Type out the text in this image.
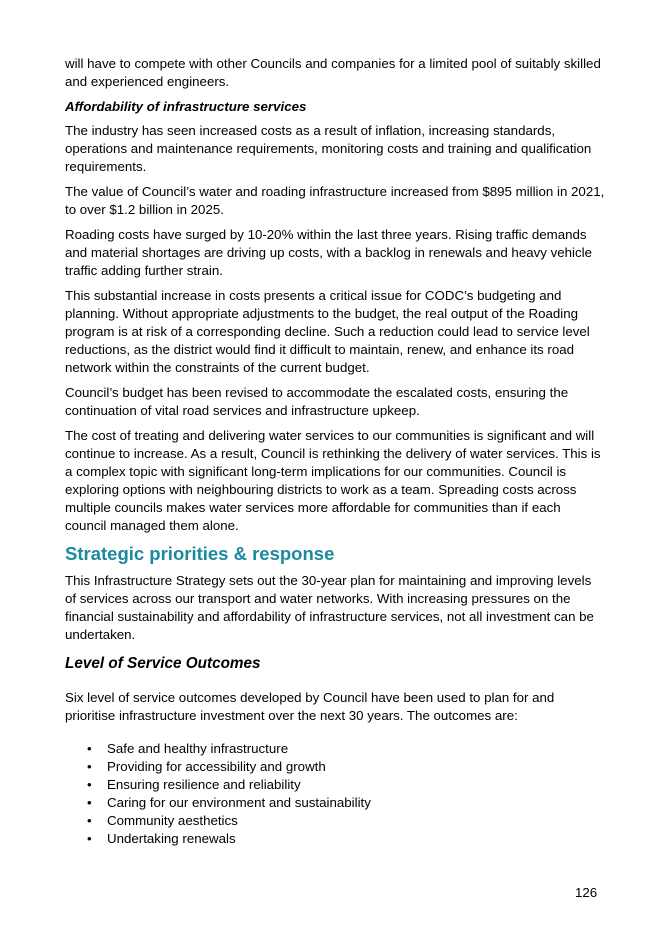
will have to compete with other Councils and companies for a limited pool of suitably skilled and experienced engineers.

Affordability of infrastructure services

The industry has seen increased costs as a result of inflation, increasing standards, operations and maintenance requirements, monitoring costs and training and qualification requirements.

The value of Council’s water and roading infrastructure increased from $895 million in 2021, to over $1.2 billion in 2025.

Roading costs have surged by 10-20% within the last three years. Rising traffic demands and material shortages are driving up costs, with a backlog in renewals and heavy vehicle traffic adding further strain.

This substantial increase in costs presents a critical issue for CODC’s budgeting and planning. Without appropriate adjustments to the budget, the real output of the Roading program is at risk of a corresponding decline. Such a reduction could lead to service level reductions, as the district would find it difficult to maintain, renew, and enhance its road network within the constraints of the current budget.

Council’s budget has been revised to accommodate the escalated costs, ensuring the continuation of vital road services and infrastructure upkeep.

The cost of treating and delivering water services to our communities is significant and will continue to increase. As a result, Council is rethinking the delivery of water services. This is a complex topic with significant long-term implications for our communities. Council is exploring options with neighbouring districts to work as a team. Spreading costs across multiple councils makes water services more affordable for communities than if each council managed them alone.

Strategic priorities & response

This Infrastructure Strategy sets out the 30-year plan for maintaining and improving levels of services across our transport and water networks. With increasing pressures on the financial sustainability and affordability of infrastructure services, not all investment can be undertaken.

Level of Service Outcomes

Six level of service outcomes developed by Council have been used to plan for and prioritise infrastructure investment over the next 30 years. The outcomes are:

• Safe and healthy infrastructure
• Providing for accessibility and growth
• Ensuring resilience and reliability
• Caring for our environment and sustainability
• Community aesthetics
• Undertaking renewals
126
